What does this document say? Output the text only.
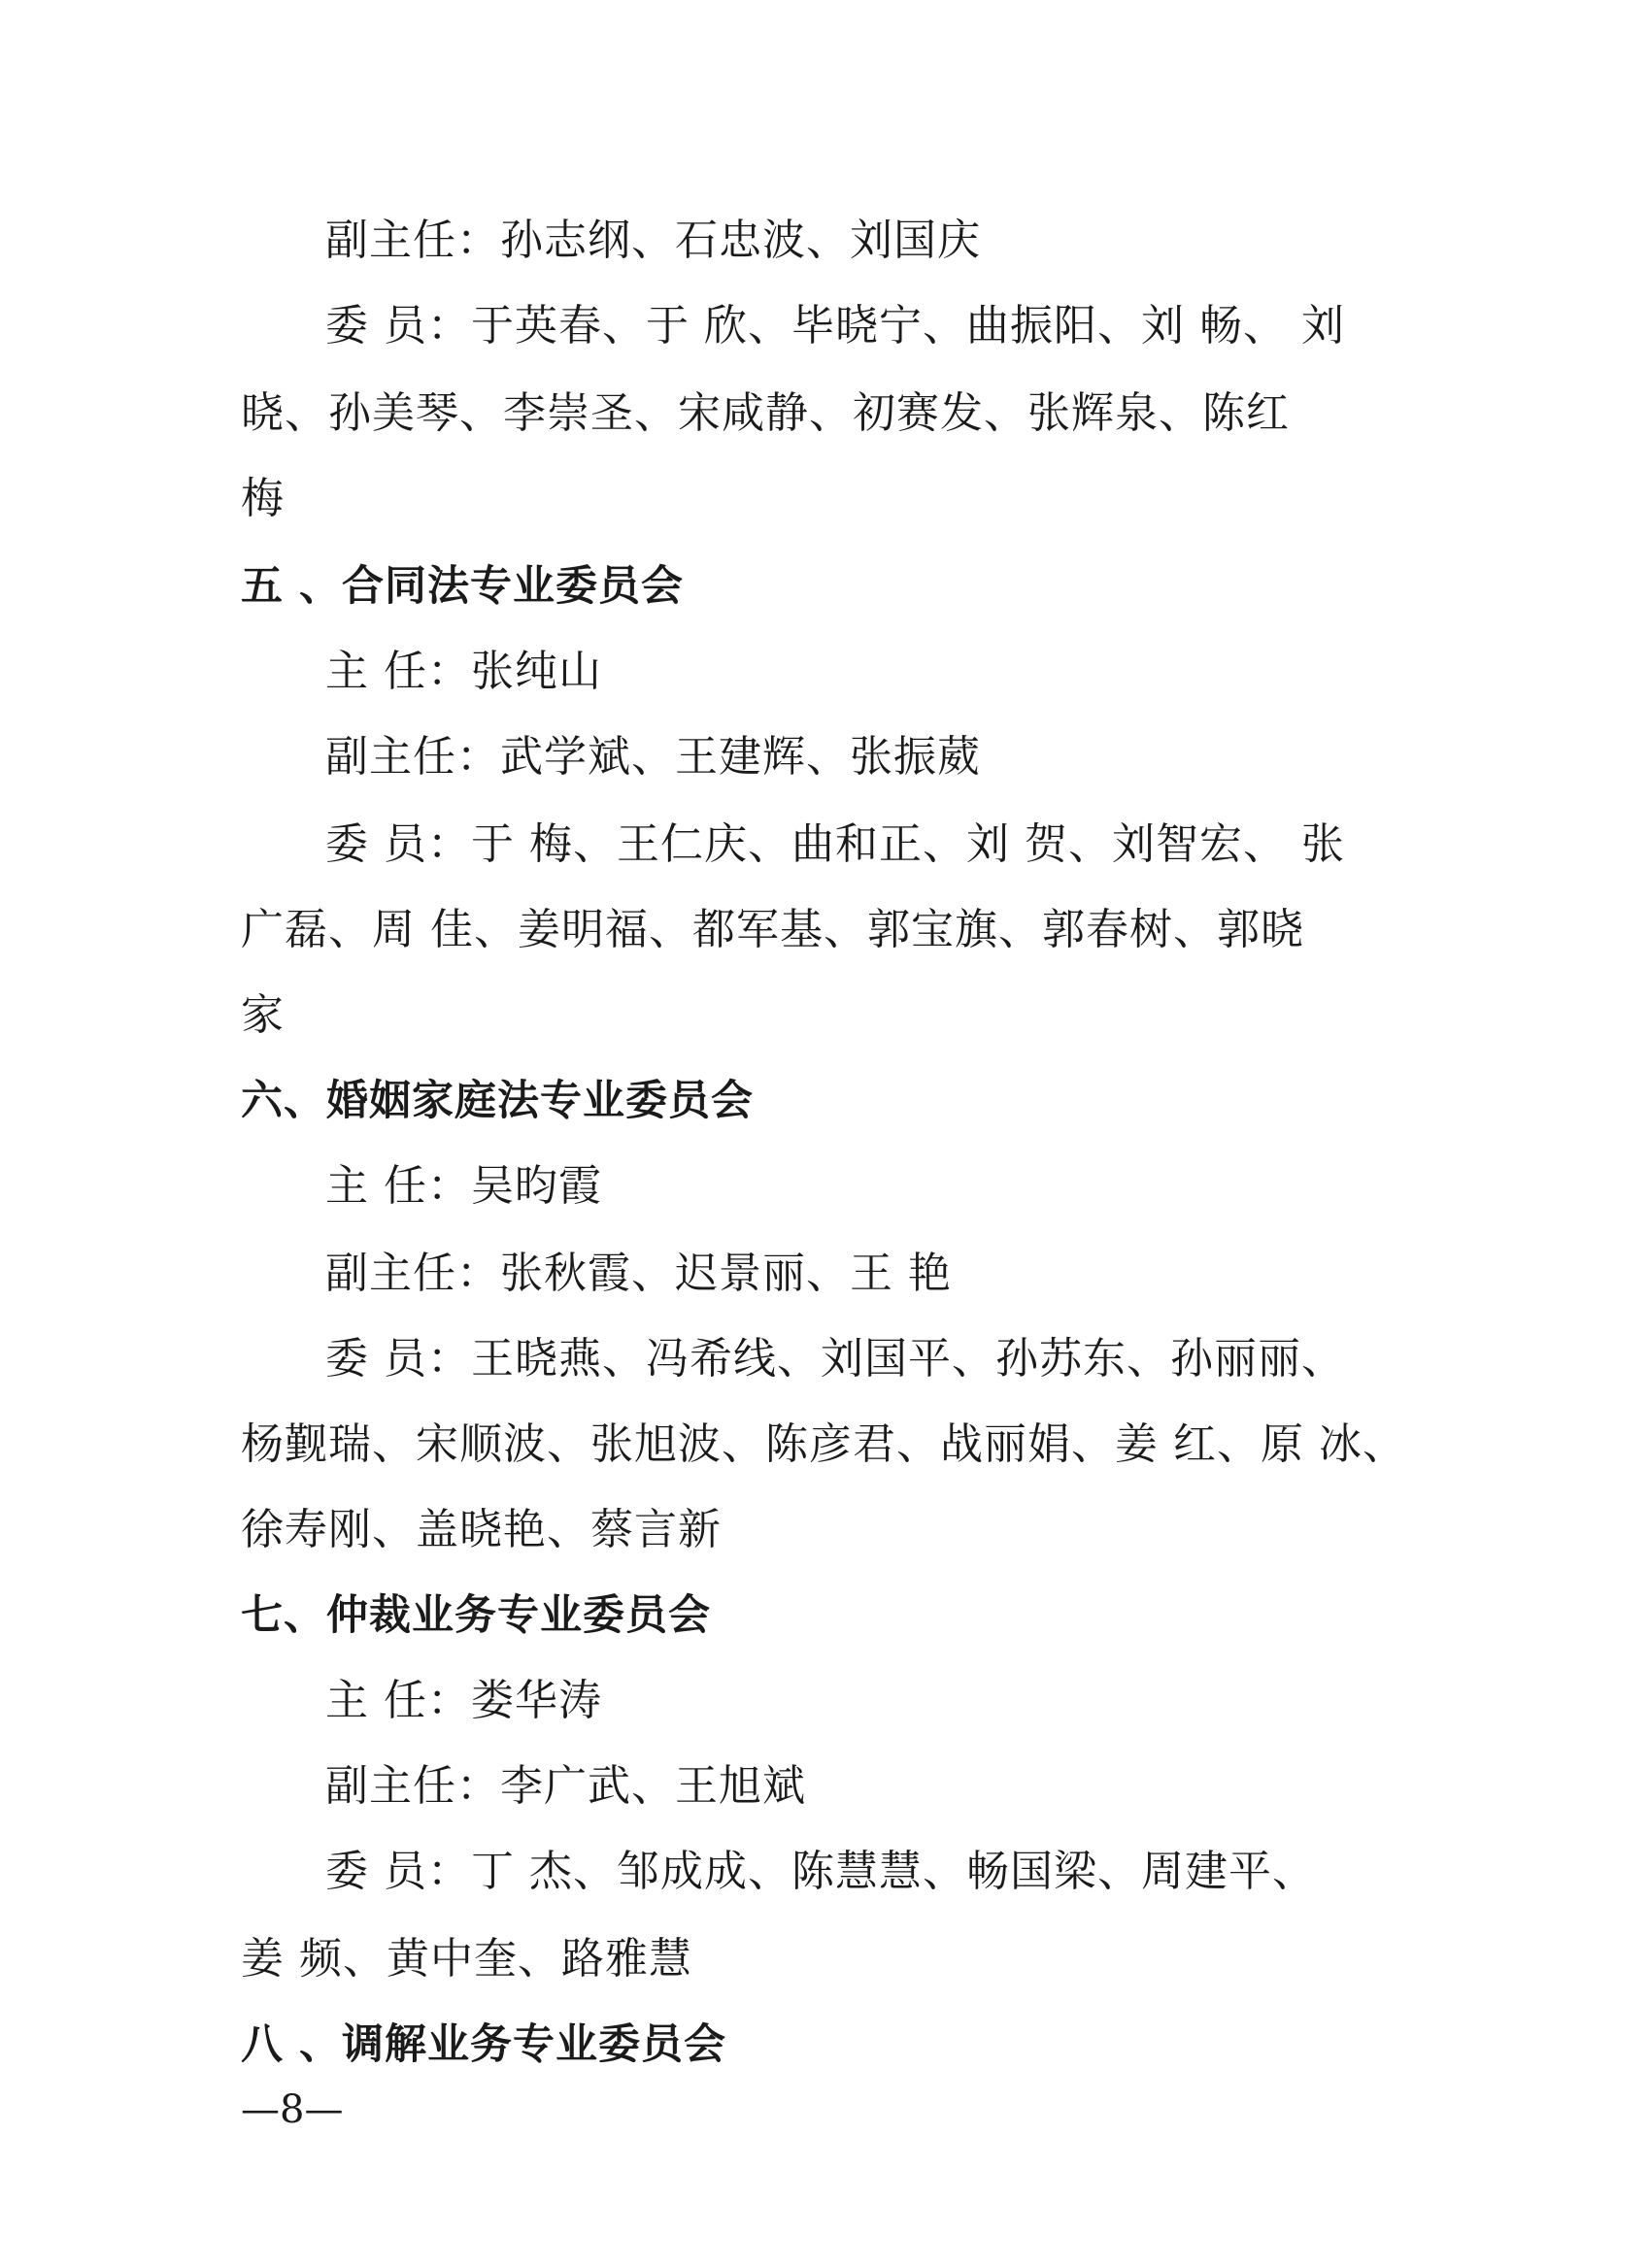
副主任：孙志纲、石忠波、刘国庆
委 员：于英春、于 欣、毕晓宁、曲振阳、刘 畅、 刘
晓、孙美琴、李崇圣、宋咸静、初赛发、张辉泉、陈红
梅
五 、合同法专业委员会
主 任：张纯山
副主任：武学斌、王建辉、张振葳
委 员：于 梅、王仁庆、曲和正、刘 贺、刘智宏、 张
广磊、周 佳、姜明福、都军基、郭宝旗、郭春树、郭晓
家
六、婚姻家庭法专业委员会
主 任：吴昀霞
副主任：张秋霞、迟景丽、王 艳
委 员：王晓燕、冯希线、刘国平、孙苏东、孙丽丽、
杨觐瑞、宋顺波、张旭波、陈彦君、战丽娟、姜 红、原 冰、
徐寿刚、盖晓艳、蔡言新
七、仲裁业务专业委员会
主 任：娄华涛
副主任：李广武、王旭斌
委 员：丁 杰、邹成成、陈慧慧、畅国梁、周建平、
姜 频、黄中奎、路雅慧
八 、调解业务专业委员会
—8—
